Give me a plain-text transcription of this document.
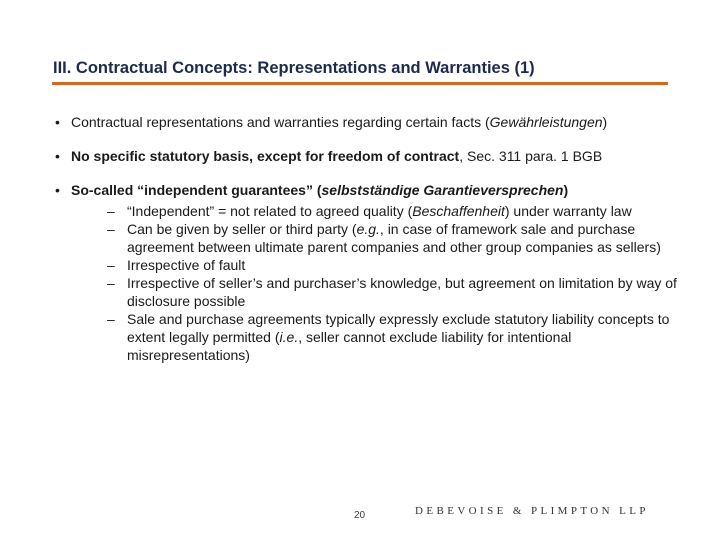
III. Contractual Concepts: Representations and Warranties (1)
• Contractual representations and warranties regarding certain facts (Gewährleistungen)
• No specific statutory basis, except for freedom of contract, Sec. 311 para. 1 BGB
• So-called “independent guarantees” (selbstständige Garantieversprechen)
– “Independent” = not related to agreed quality (Beschaffenheit) under warranty law
– Can be given by seller or third party (e.g., in case of framework sale and purchase agreement between ultimate parent companies and other group companies as sellers)
– Irrespective of fault
– Irrespective of seller’s and purchaser’s knowledge, but agreement on limitation by way of disclosure possible
– Sale and purchase agreements typically expressly exclude statutory liability concepts to extent legally permitted (i.e., seller cannot exclude liability for intentional misrepresentations)
20	DEBEVOISE & PLIMPTON LLP
